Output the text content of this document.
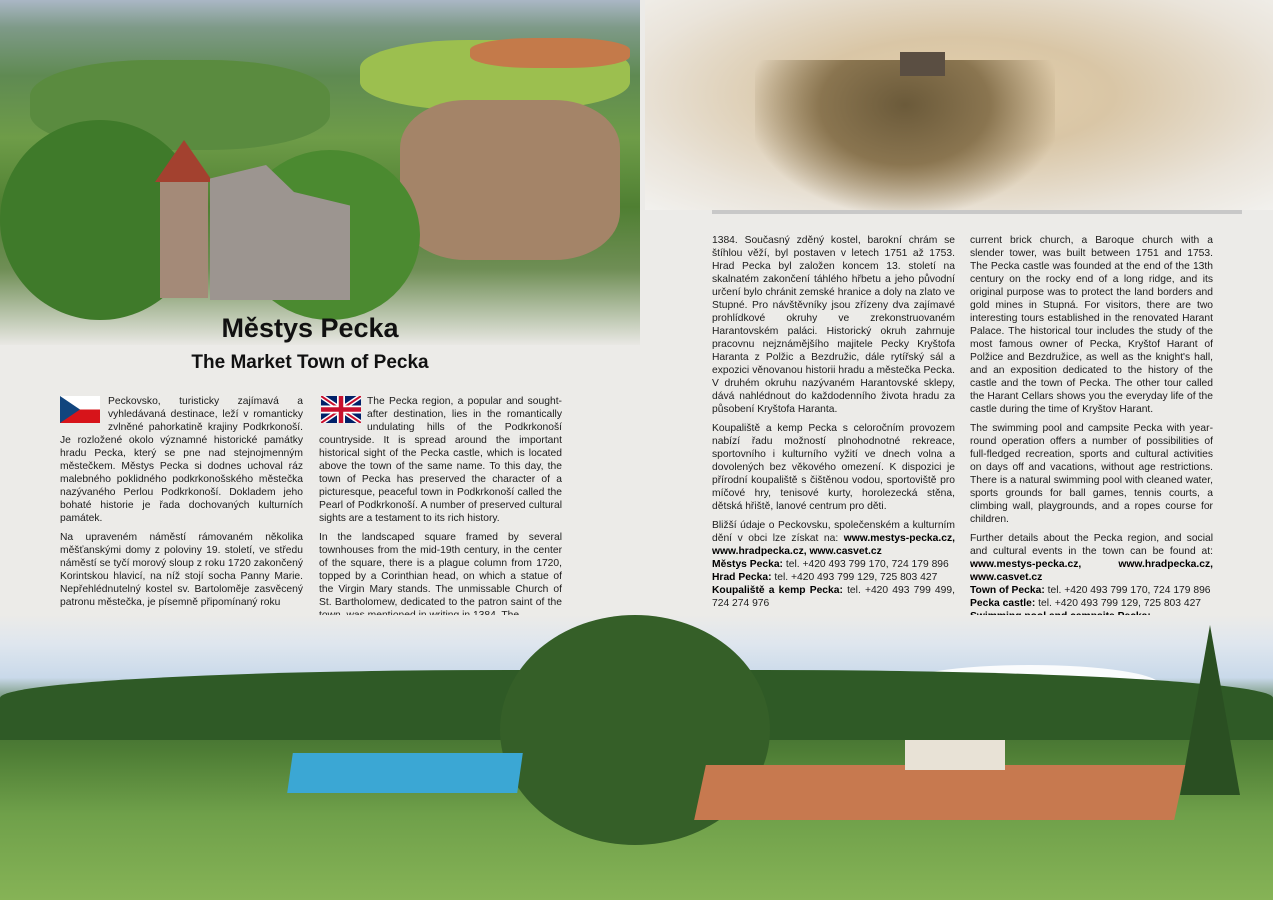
Městys Pecka
The Market Town of Pecka

Peckovsko, turisticky zajímavá a vyhledávaná destinace, leží v romanticky zvlněné pahorkatině krajiny Podkrkonoší. Je rozložené okolo významné historické památky hradu Pecka, který se pne nad stejnojmenným městečkem. Městys Pecka si dodnes uchoval ráz malebného poklidného podkrkonošského městečka nazývaného Perlou Podkrkonoší. Dokladem jeho bohaté historie je řada dochovaných kulturních památek.

Na upraveném náměstí rámovaném několika měšťanskými domy z poloviny 19. století, ve středu náměstí se tyčí morový sloup z roku 1720 zakončený Korintskou hlavicí, na níž stojí socha Panny Marie. Nepřehlédnutelný kostel sv. Bartoloměje zasvěcený patronu městečka, je písemně připomínaný roku

The Pecka region, a popular and sought-after destination, lies in the romantically undulating hills of the Podkrkonoší countryside. It is spread around the important historical sight of the Pecka castle, which is located above the town of the same name. To this day, the town of Pecka has preserved the character of a picturesque, peaceful town in Podkrkonoší called the Pearl of Podkrkonoší. A number of preserved cultural sights are a testament to its rich history.

In the landscaped square framed by several townhouses from the mid-19th century, in the center of the square, there is a plague column from 1720, topped by a Corinthian head, on which a statue of the Virgin Mary stands. The unmissable Church of St. Bartholomew, dedicated to the patron saint of the

1384. Současný zděný kostel, barokní chrám se štíhlou věží, byl postaven v letech 1751 až 1753. Hrad Pecka byl založen koncem 13. století na skalnatém zakončení táhlého hřbetu a jeho původní určení bylo chránit zemské hranice a doly na zlato ve Stupné. Pro návštěvníky jsou zřízeny dva zajímavé prohlídkové okruhy ve zrekonstruovaném Harantovském paláci. Historický okruh zahrnuje pracovnu nejznámějšího majitele Pecky Kryštofa Haranta z Polžic a Bezdružic, dále rytířský sál a expozici věnovanou historii hradu a městečka Pecka. V druhém okruhu nazývaném Harantovské sklepy, dává nahlédnout do každodenního života hradu za působení Kryštofa Haranta.

Koupaliště a kemp Pecka s celoročním provozem nabízí řadu možností plnohodnotné rekreace, sportovního i kulturního vyžití ve dnech volna a dovolených bez věkového omezení. K dispozici je přírodní koupaliště s čištěnou vodou, sportoviště pro míčové hry, tenisové kurty, horolezecká stěna, dětská hřiště, lanové centrum pro děti.

Bližší údaje o Peckovsku, společenském a kulturním dění v obci lze získat na: www.mestys-pecka.cz, www.hradpecka.cz, www.casvet.cz
Městys Pecka: tel. +420 493 799 170, 724 179 896
Hrad Pecka: tel. +420 493 799 129, 725 803 427
Koupaliště a kemp Pecka: tel. +420 493 799 499, 724 274 976

current brick church, a Baroque church with a slender tower, was built between 1751 and 1753. The Pecka castle was founded at the end of the 13th century on the rocky end of a long ridge, and its original purpose was to protect the land borders and gold mines in Stupná. For visitors, there are two interesting tours established in the renovated Harant Palace. The historical tour includes the study of the most famous owner of Pecka, Kryštof Harant of Polžice and Bezdružice, as well as the knight's hall, and an exposition dedicated to the history of the castle and the town of Pecka. The other tour called the Harant Cellars shows you the everyday life of the castle during the time of Kryštov Harant.

The swimming pool and campsite Pecka with year-round operation offers a number of possibilities of full-fledged recreation, sports and cultural activities on days off and vacations, without age restrictions. There is a natural swimming pool with cleaned water, sports grounds for ball games, tennis courts, a climbing wall, playgrounds, and a ropes course for children.

Further details about the Pecka region, and social and cultural events in the town can be found at: www.mestys-pecka.cz, www.hradpecka.cz, www.casvet.cz
Town of Pecka: tel. +420 493 799 170, 724 179 896
Pecka castle: tel. +420 493 799 129, 725 803 427
